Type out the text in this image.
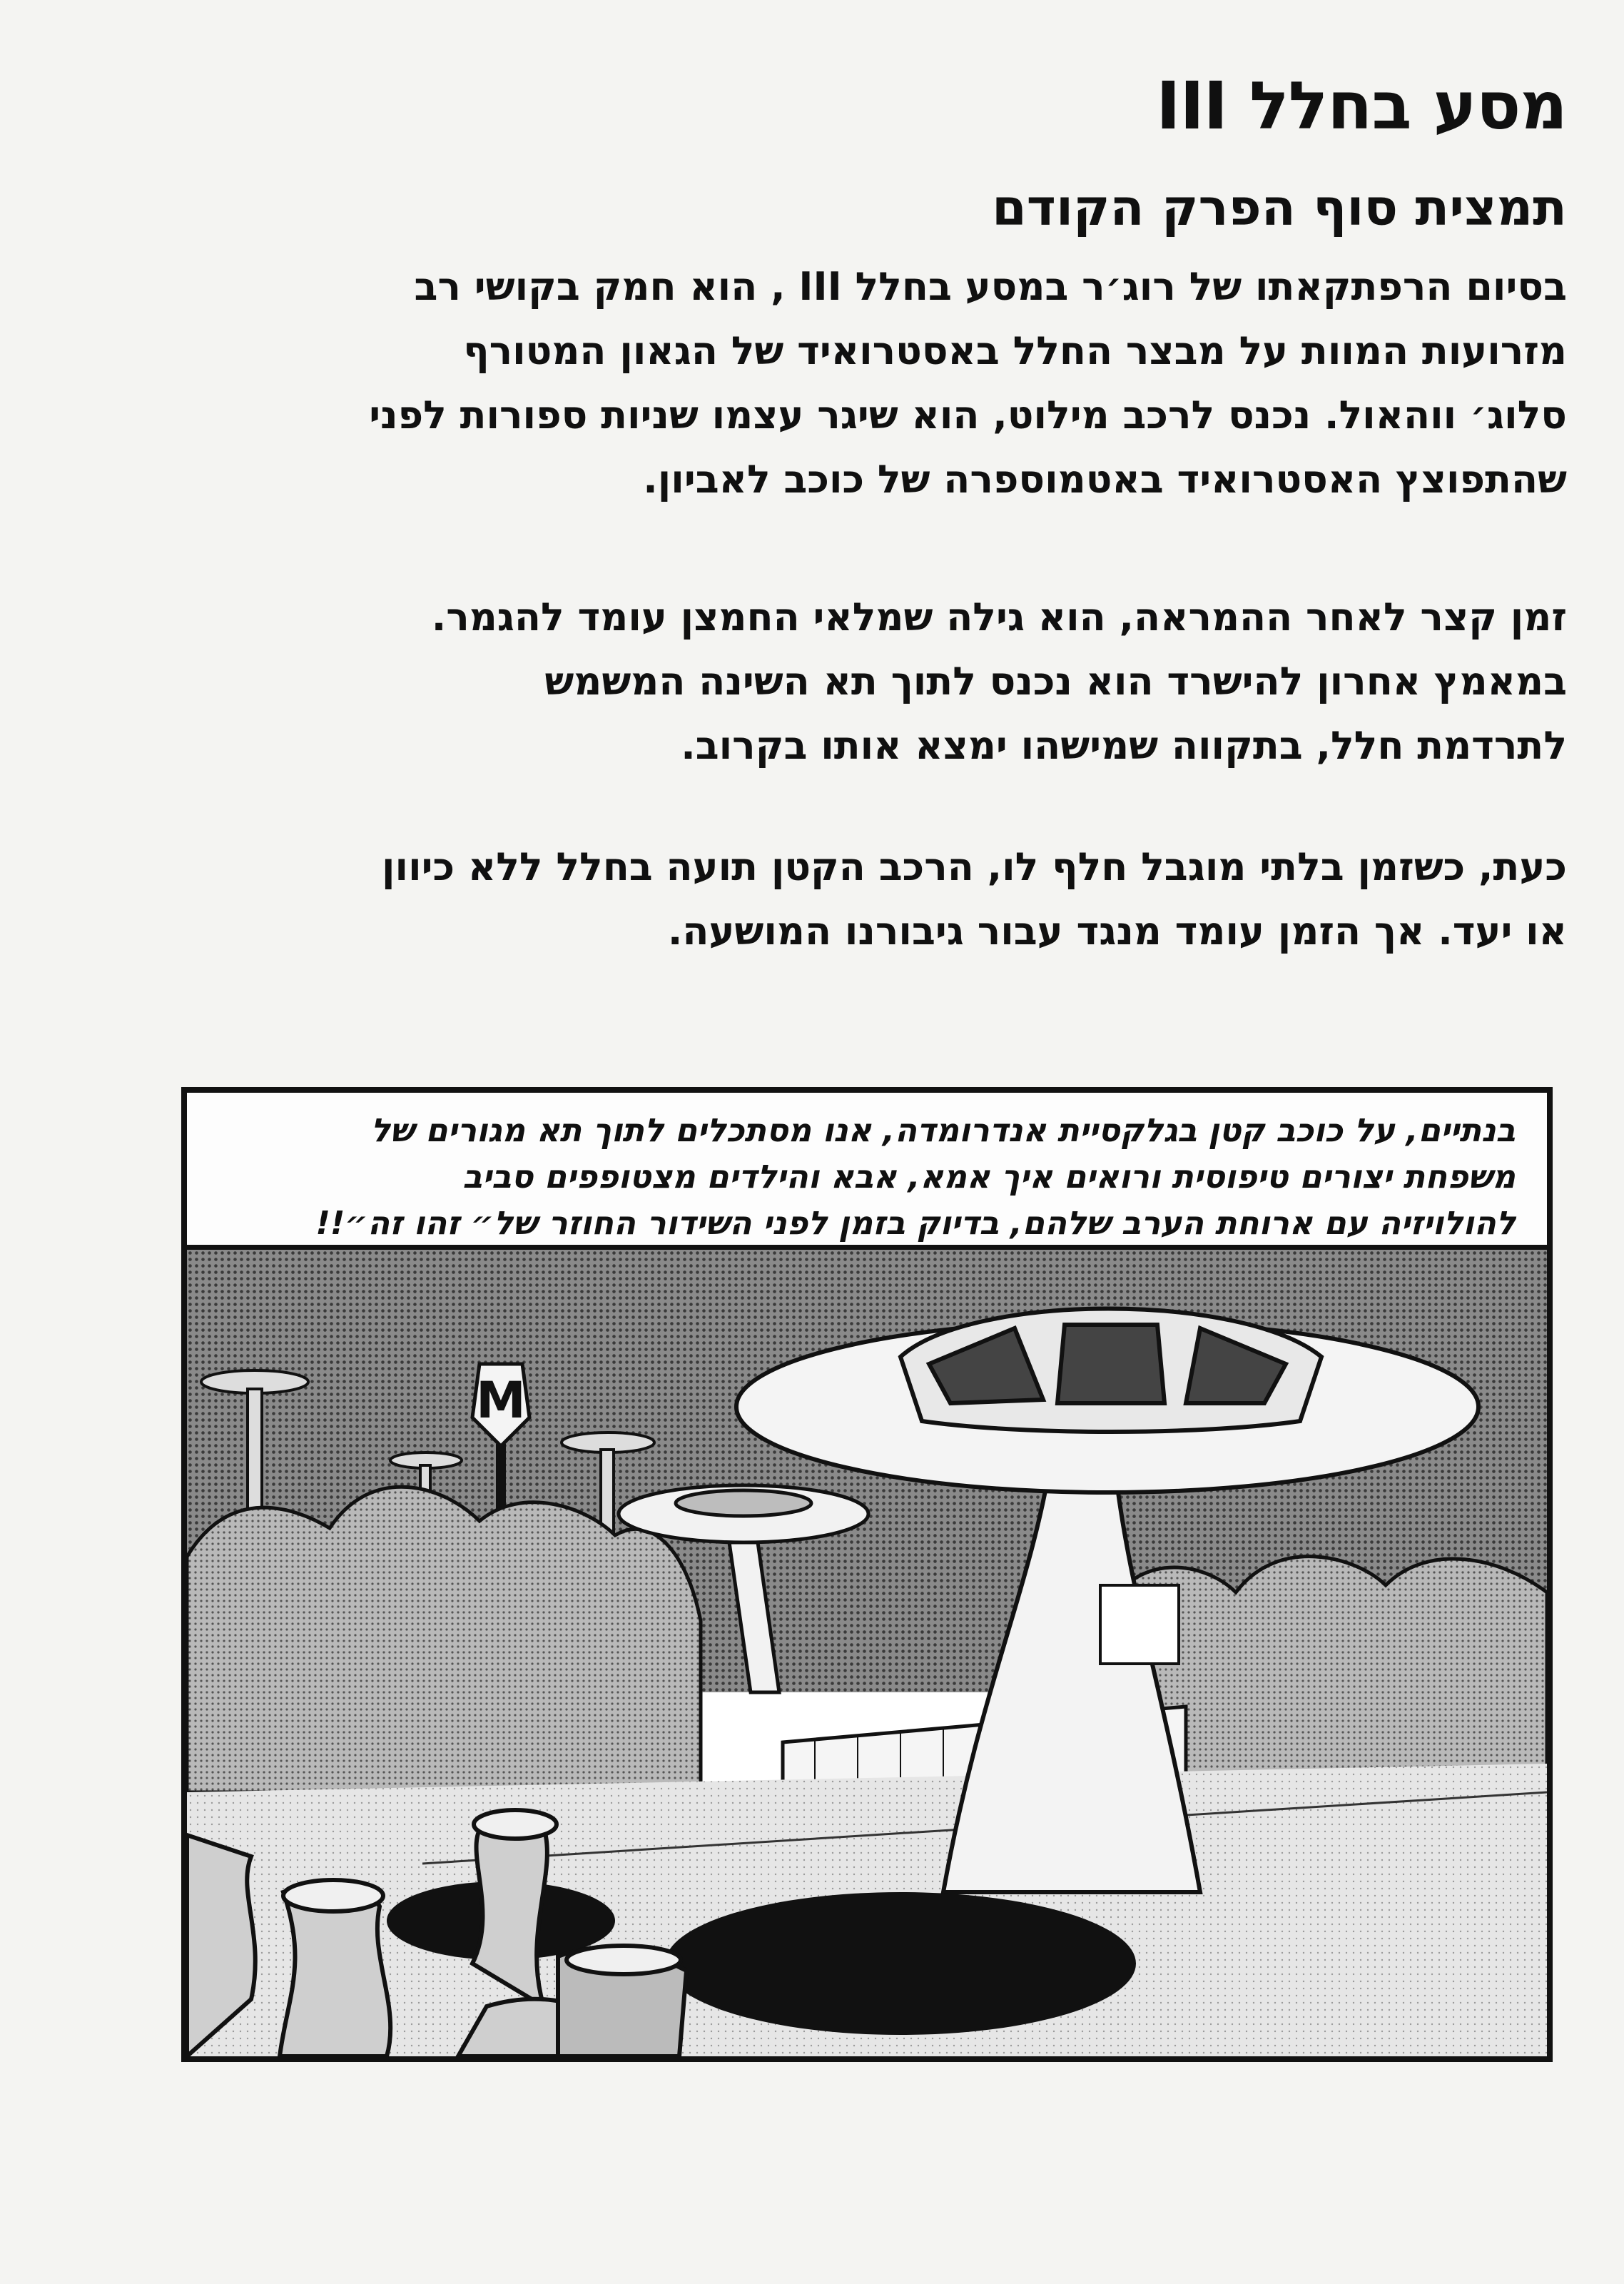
מסע בחלל III
תמצית סוף הפרק הקודם

בסיום הרפתקאתו של רוג׳ר במסע בחלל III , הוא חמק בקושי רב
מזרועות המוות על מבצר החלל באסטרואיד של הגאון המטורף
סלוג׳ ווהאול. נכנס לרכב מילוט, הוא שיגר עצמו שניות ספורות לפני
שהתפוצץ האסטרואיד באטמוספרה של כוכב לאביון.

זמן קצר לאחר ההמראה, הוא גילה שמלאי החמצן עומד להגמר.
במאמץ אחרון להישרד הוא נכנס לתוך תא השינה המשמש
לתרדמת חלל, בתקווה שמישהו ימצא אותו בקרוב.

כעת, כשזמן בלתי מוגבל חלף לו, הרכב הקטן תועה בחלל ללא כיוון
או יעד. אך הזמן עומד מנגד עבור גיבורנו המושעה.

בנתיים, על כוכב קטן בגלקסיית אנדרומדה, אנו מסתכלים לתוך תא מגורים של
משפחת יצורים טיפוסית ורואים איך אמא, אבא והילדים מצטופפים סביב
להולויזיה עם ארוחת הערב שלהם, בדיוק בזמן לפני השידור החוזר של״ זהו זה״!!
M
